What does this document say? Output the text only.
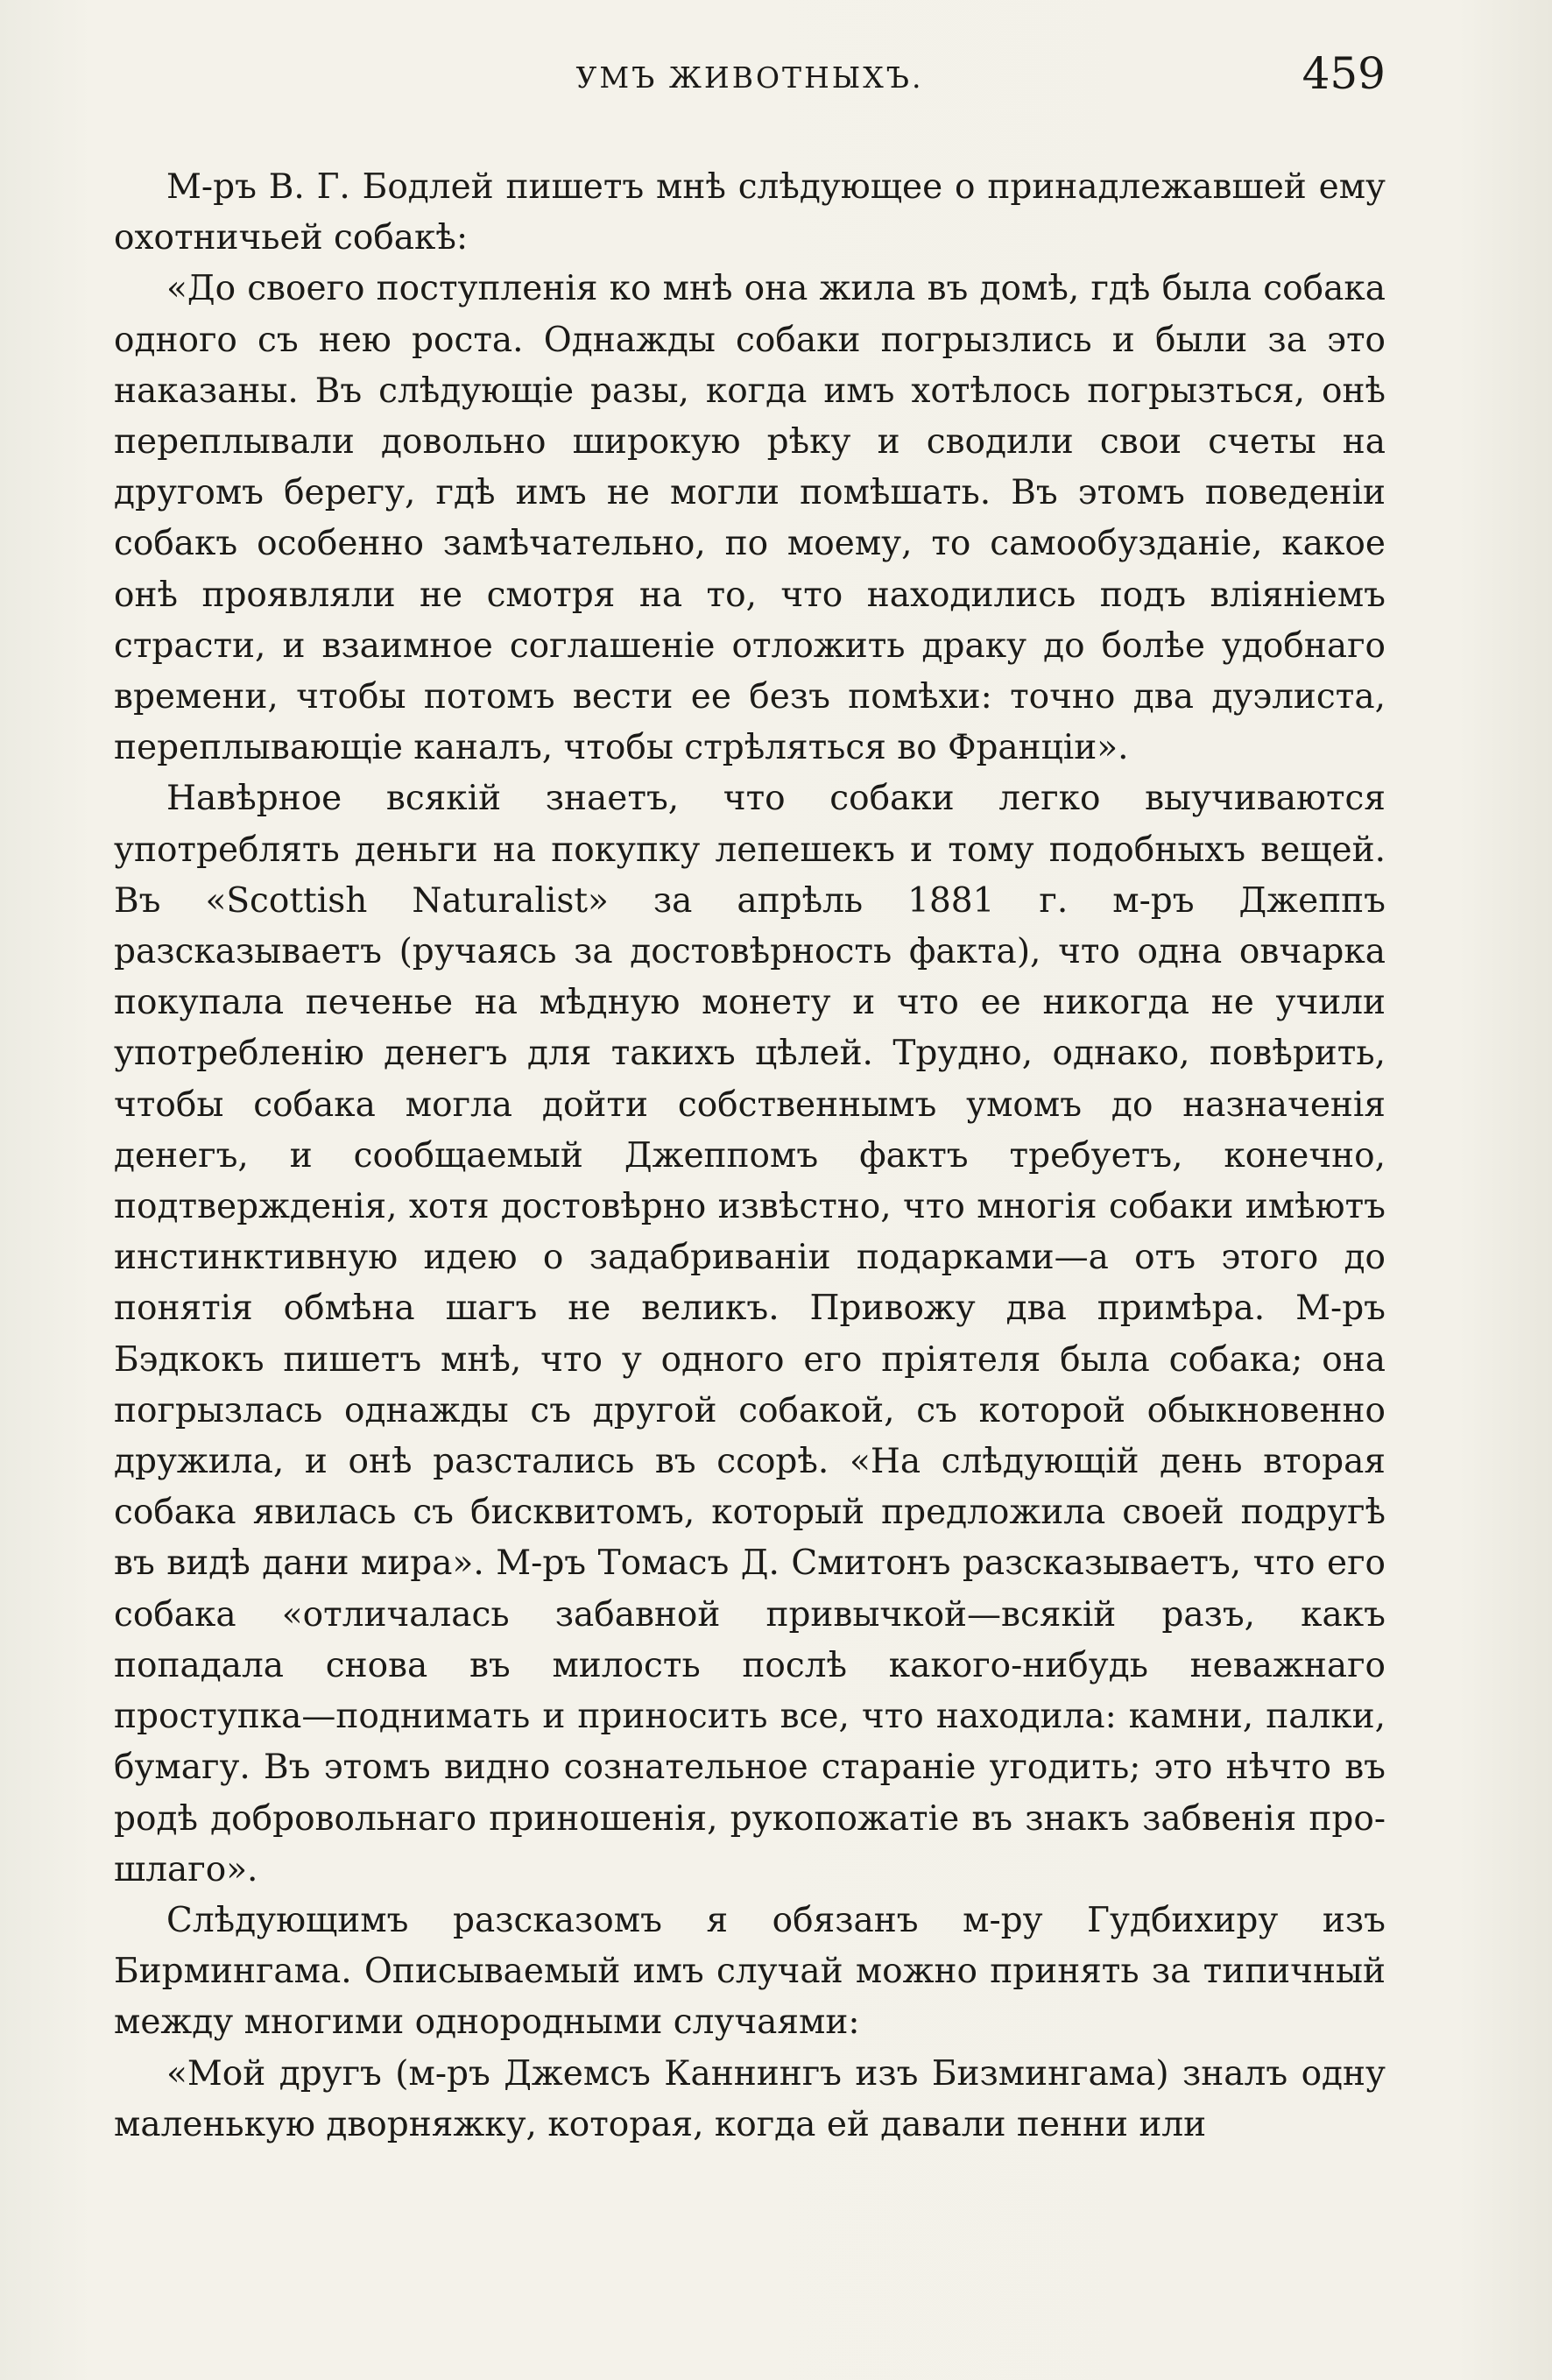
УМЪ ЖИВОТНЫХЪ.	459

М-ръ В. Г. Бодлей пишетъ мнѣ слѣдующее о принадлежавшей ему охотничьей собакѣ:

«До своего поступленія ко мнѣ она жила въ домѣ, гдѣ была собака одного съ нею роста. Однажды собаки погрызлись и были за это наказаны. Въ слѣдующіе разы, когда имъ хотѣлось погрызться, онѣ переплывали довольно широкую рѣку и сводили свои счеты на другомъ берегу, гдѣ имъ не могли помѣшать. Въ этомъ поведеніи собакъ особенно замѣчательно, по моему, то самообузданіе, какое онѣ проявляли не смотря на то, что находились подъ вліяніемъ страсти, и взаимное соглашеніе отложить драку до болѣе удобнаго времени, чтобы потомъ вести ее безъ помѣхи: точно два дуэлиста, переплывающіе каналъ, чтобы стрѣляться во Франціи».

Навѣрное всякій знаетъ, что собаки легко выучиваются употреблять деньги на покупку лепешекъ и тому подобныхъ вещей. Въ «Scottish Naturalist» за апрѣль 1881 г. м-ръ Джеппъ разсказываетъ (ручаясь за достовѣрность факта), что одна овчарка покупала печенье на мѣдную монету и что ее никогда не учили употребленію денегъ для такихъ цѣлей. Трудно, однако, повѣрить, чтобы собака могла дойти собственнымъ умомъ до назначенія денегъ, и сообщаемый Джеппомъ фактъ требуетъ, конечно, подтвержденія, хотя достовѣрно извѣстно, что многія собаки имѣютъ инстинктивную идею о задабриваніи подарками—а отъ этого до понятія обмѣна шагъ не великъ. Привожу два примѣра. М-ръ Бэдкокъ пишетъ мнѣ, что у одного его пріятеля была собака; она погрызлась однажды съ другой собакой, съ которой обыкновенно дружила, и онѣ разстались въ ссорѣ. «На слѣдующій день вторая собака явилась съ бисквитомъ, который предложила своей подругѣ въ видѣ дани мира». М-ръ Томасъ Д. Смитонъ разсказываетъ, что его собака «отличалась забавной привычкой—всякій разъ, какъ попадала снова въ милость послѣ какого-нибудь неважнаго проступка—поднимать и приносить все, что находила: камни, палки, бумагу. Въ этомъ видно сознательное стараніе угодить; это нѣчто въ родѣ добровольнаго приношенія, рукопожатіе въ знакъ забвенія прошлаго».

Слѣдующимъ разсказомъ я обязанъ м-ру Гудбихиру изъ Бирмингама. Описываемый имъ случай можно принять за типичный между многими однородными случаями:

«Мой другъ (м-ръ Джемсъ Каннингъ изъ Бизмингама) зналъ одну маленькую дворняжку, которая, когда ей давали пенни или
